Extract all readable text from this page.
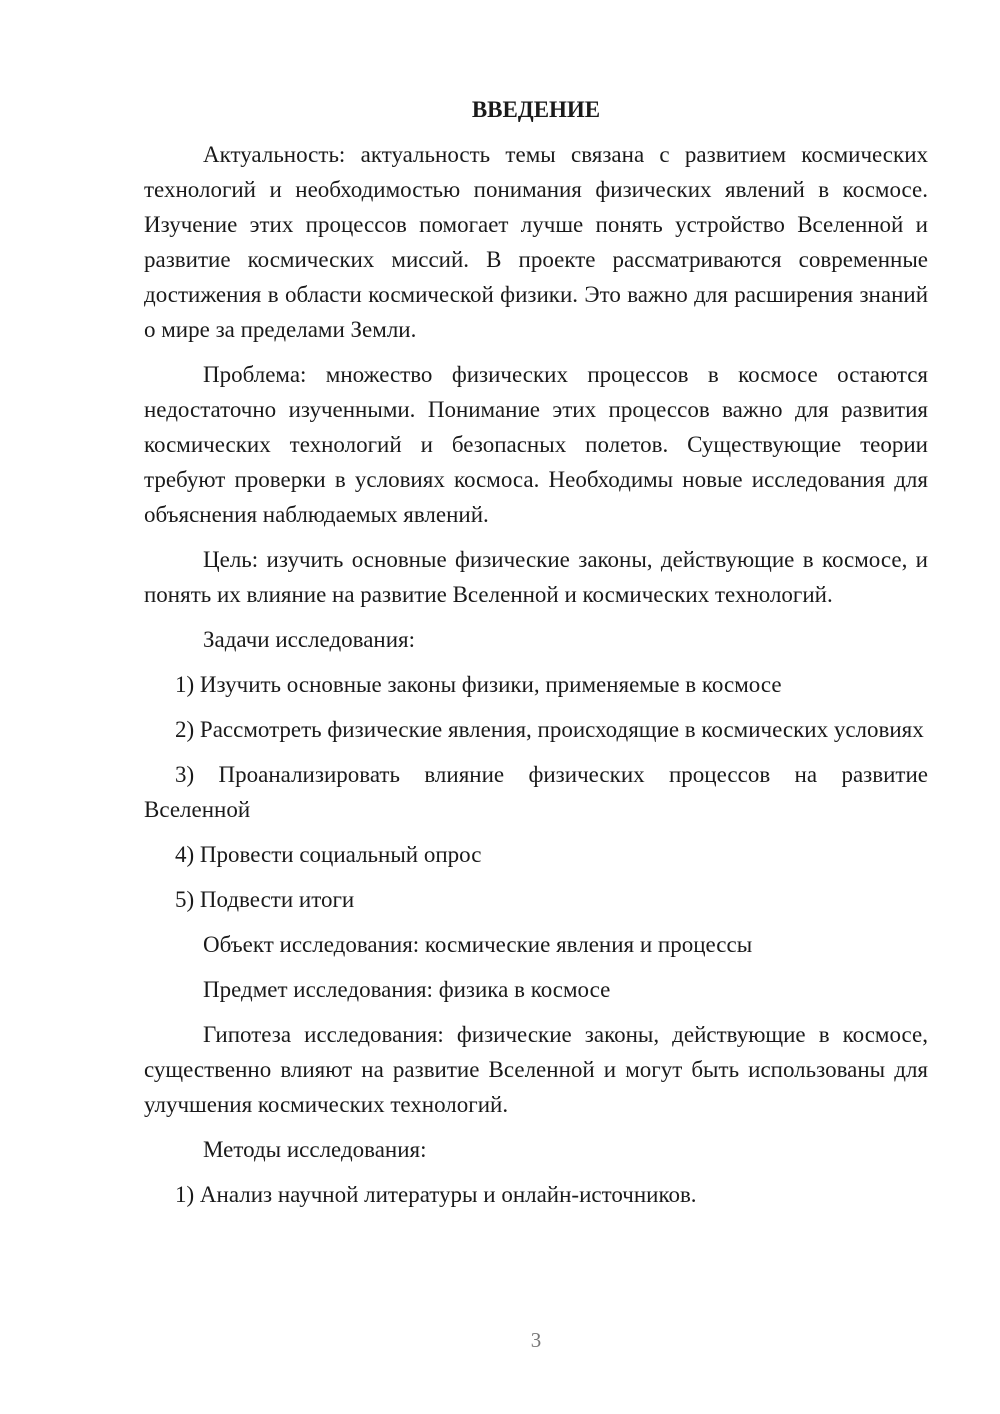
ВВЕДЕНИЕ

Актуальность: актуальность темы связана с развитием космических технологий и необходимостью понимания физических явлений в космосе. Изучение этих процессов помогает лучше понять устройство Вселенной и развитие космических миссий. В проекте рассматриваются современные достижения в области космической физики. Это важно для расширения знаний о мире за пределами Земли.

Проблема: множество физических процессов в космосе остаются недостаточно изученными. Понимание этих процессов важно для развития космических технологий и безопасных полетов. Существующие теории требуют проверки в условиях космоса. Необходимы новые исследования для объяснения наблюдаемых явлений.

Цель: изучить основные физические законы, действующие в космосе, и понять их влияние на развитие Вселенной и космических технологий.

Задачи исследования:

1) Изучить основные законы физики, применяемые в космосе

2) Рассмотреть физические явления, происходящие в космических условиях

3) Проанализировать влияние физических процессов на развитие Вселенной

4) Провести социальный опрос

5) Подвести итоги

Объект исследования: космические явления и процессы

Предмет исследования: физика в космосе

Гипотеза исследования: физические законы, действующие в космосе, существенно влияют на развитие Вселенной и могут быть использованы для улучшения космических технологий.

Методы исследования:

1) Анализ научной литературы и онлайн-источников.

3
